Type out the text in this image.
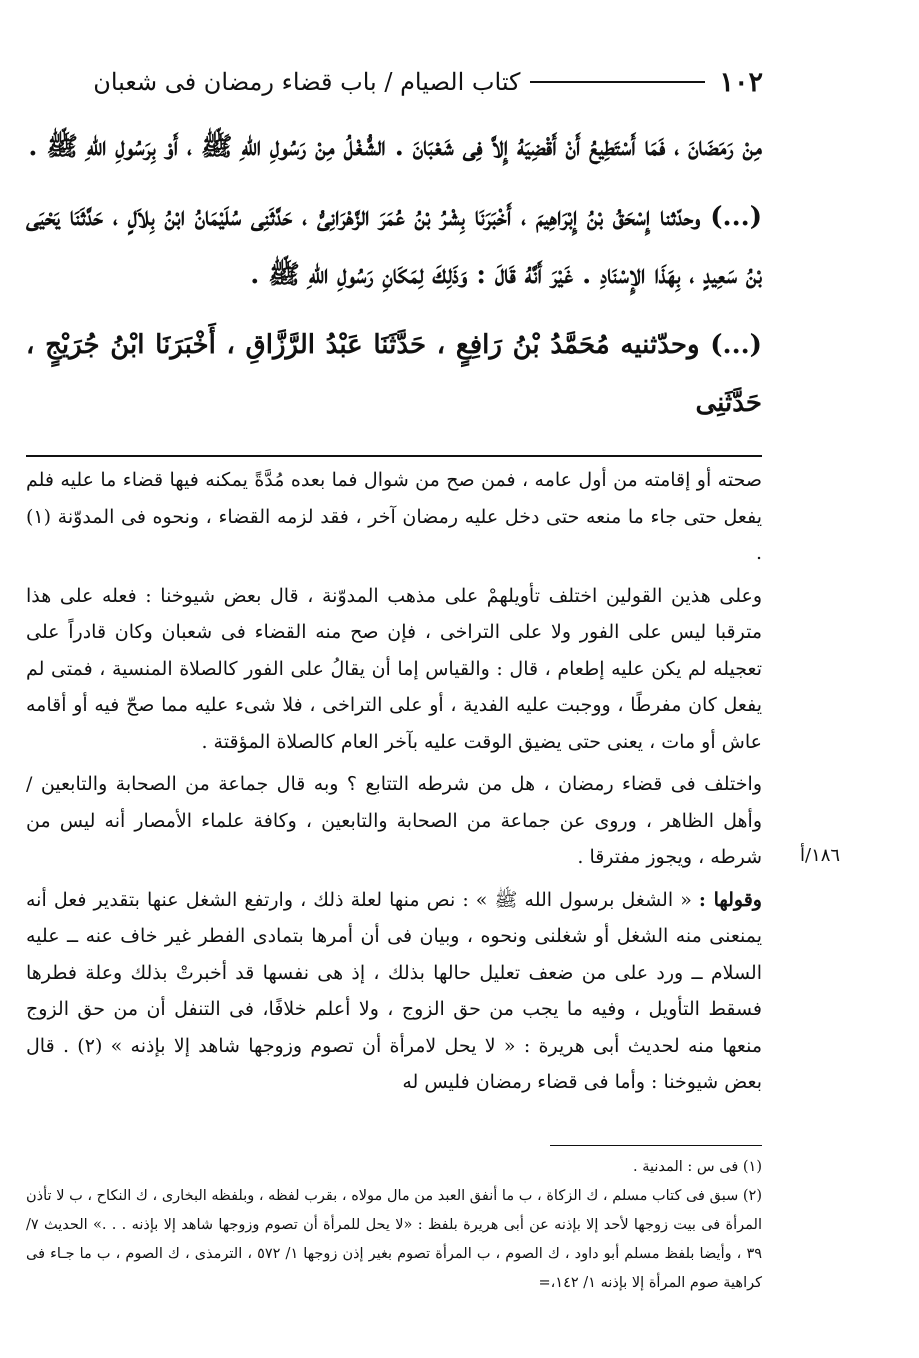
١٠٢
كتاب الصيام / باب قضاء رمضان فى شعبان

مِنْ رَمَضَانَ ، فَمَا أَسْتَطِيعُ أَنْ أَقْضِيَهُ إِلاَّ فِى شَعْبَانَ . الشُّغْلُ مِنْ رَسُولِ اللهِ ﷺ ، أَوْ بِرَسُولِ اللهِ ﷺ .

(...) وحدّثنا إِسْحَقُ بْنُ إِبْرَاهِيمَ ، أَخْبَرَنَا بِشْرُ بْنُ عُمَرَ الزَّهْرَانِىُّ ، حَدَّثَنِى سُلَيْمَانُ ابْنُ بِلاَلٍ ، حَدَّثَنَا يَحْيَى بْنُ سَعِيدٍ ، بِهَذَا الإِسْنَادِ . غَيْرَ أَنَّهُ قَالَ : وَذَلِكَ لِمَكَانِ رَسُولِ اللهِ ﷺ .

(...) وحدّثنيه مُحَمَّدُ بْنُ رَافِعٍ ، حَدَّثَنَا عَبْدُ الرَّزَّاقِ ، أَخْبَرَنَا ابْنُ جُرَيْجٍ ، حَدَّثَنِى

صحته أو إقامته من أول عامه ، فمن صح من شوال فما بعده مُدَّةً يمكنه فيها قضاء ما عليه فلم يفعل حتى جاء ما منعه حتى دخل عليه رمضان آخر ، فقد لزمه القضاء ، ونحوه فى المدوّنة (١) .

وعلى هذين القولين اختلف تأويلهمْ على مذهب المدوّنة ، قال بعض شيوخنا : فعله على هذا مترقبا ليس على الفور ولا على التراخى ، فإن صح منه القضاء فى شعبان وكان قادراً على تعجيله لم يكن عليه إطعام ، قال : والقياس إما أن يقالُ على الفور كالصلاة المنسية ، فمتى لم يفعل كان مفرطًا ، ووجبت عليه الفدية ، أو على التراخى ، فلا شىء عليه مما صحّ فيه أو أقامه عاش أو مات ، يعنى حتى يضيق الوقت عليه بآخر العام كالصلاة المؤقتة .

واختلف فى قضاء رمضان ، هل من شرطه التتابع ؟ وبه قال جماعة من الصحابة والتابعين /وأهل الظاهر ، وروى عن جماعة من الصحابة والتابعين ، وكافة علماء الأمصار أنه ليس من شرطه ، ويجوز مفترقا .

وقولها : « الشغل برسول الله ﷺ » : نص منها لعلة ذلك ، وارتفع الشغل عنها بتقدير فعل أنه يمنعنى منه الشغل أو شغلنى ونحوه ، وبيان فى أن أمرها بتمادى الفطر غير خاف عنه ــ عليه السلام ــ ورد على من ضعف تعليل حالها بذلك ، إذ هى نفسها قد أخبرتْ بذلك وعلة فطرها فسقط التأويل ، وفيه ما يجب من حق الزوج ، ولا أعلم خلافًا، فى التنفل أن من حق الزوج منعها منه لحديث أبى هريرة : « لا يحل لامرأة أن تصوم وزوجها شاهد إلا بإذنه » (٢) . قال بعض شيوخنا : وأما فى قضاء رمضان فليس له

١٨٦/أ

(١) فى س : المدنية .

(٢) سبق فى كتاب مسلم ، ك الزكاة ، ب ما أنفق العبد من مال مولاه ، بقرب لفظه ، وبلفظه البخارى ، ك النكاح ، ب لا تأذن المرأة فى بيت زوجها لأحد إلا بإذنه عن أبى هريرة بلفظ : «لا يحل للمرأة أن تصوم وزوجها شاهد إلا بإذنه . . .» الحديث ٧/ ٣٩ ، وأيضا بلفظ مسلم أبو داود ، ك الصوم ، ب المرأة تصوم بغير إذن زوجها ١/ ٥٧٢ ، الترمذى ، ك الصوم ، ب ما جـاء فى كراهية صوم المرأة إلا بإذنه ١/ ١٤٢،=
